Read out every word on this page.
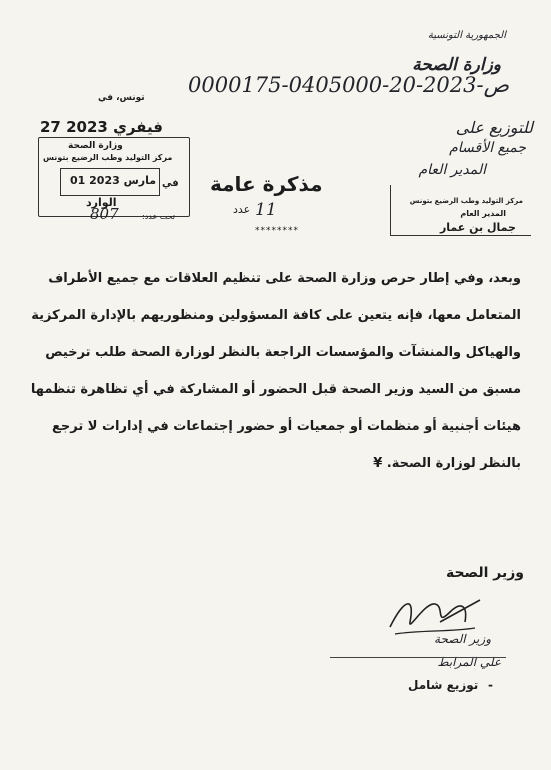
الجمهورية التونسية
وزارة الصحة
0000175-0405000-20-2023-ص
تونس، في
27 فيفري 2023
وزارة الصحة
مركز التوليد وطب الرضيع بتونس
01 مارس 2023 في
الوارد
تحت عدد:
807
مذكرة عامة
عدد 11
********
للتوزيع على
جميع الأقسام
المدير العام
مركز التوليد وطب الرضيع بتونس
المدير العام
جمال بن عمار
وبعد، وفي إطار حرص وزارة الصحة على تنظيم العلاقات مع جميع الأطراف
المتعامل معها، فإنه يتعين على كافة المسؤولين ومنظوريهم بالإدارة المركزية
والهياكل والمنشآت والمؤسسات الراجعة بالنظر لوزارة الصحة طلب ترخيص
مسبق من السيد وزير الصحة قبل الحضور أو المشاركة في أي تظاهرة تنظمها
هيئات أجنبية أو منظمات أو جمعيات أو حضور إجتماعات في إدارات لا ترجع
بالنظر لوزارة الصحة. ¥
وزير الصحة
وزير الصحة
علي المرابط
توزيع شامل -
